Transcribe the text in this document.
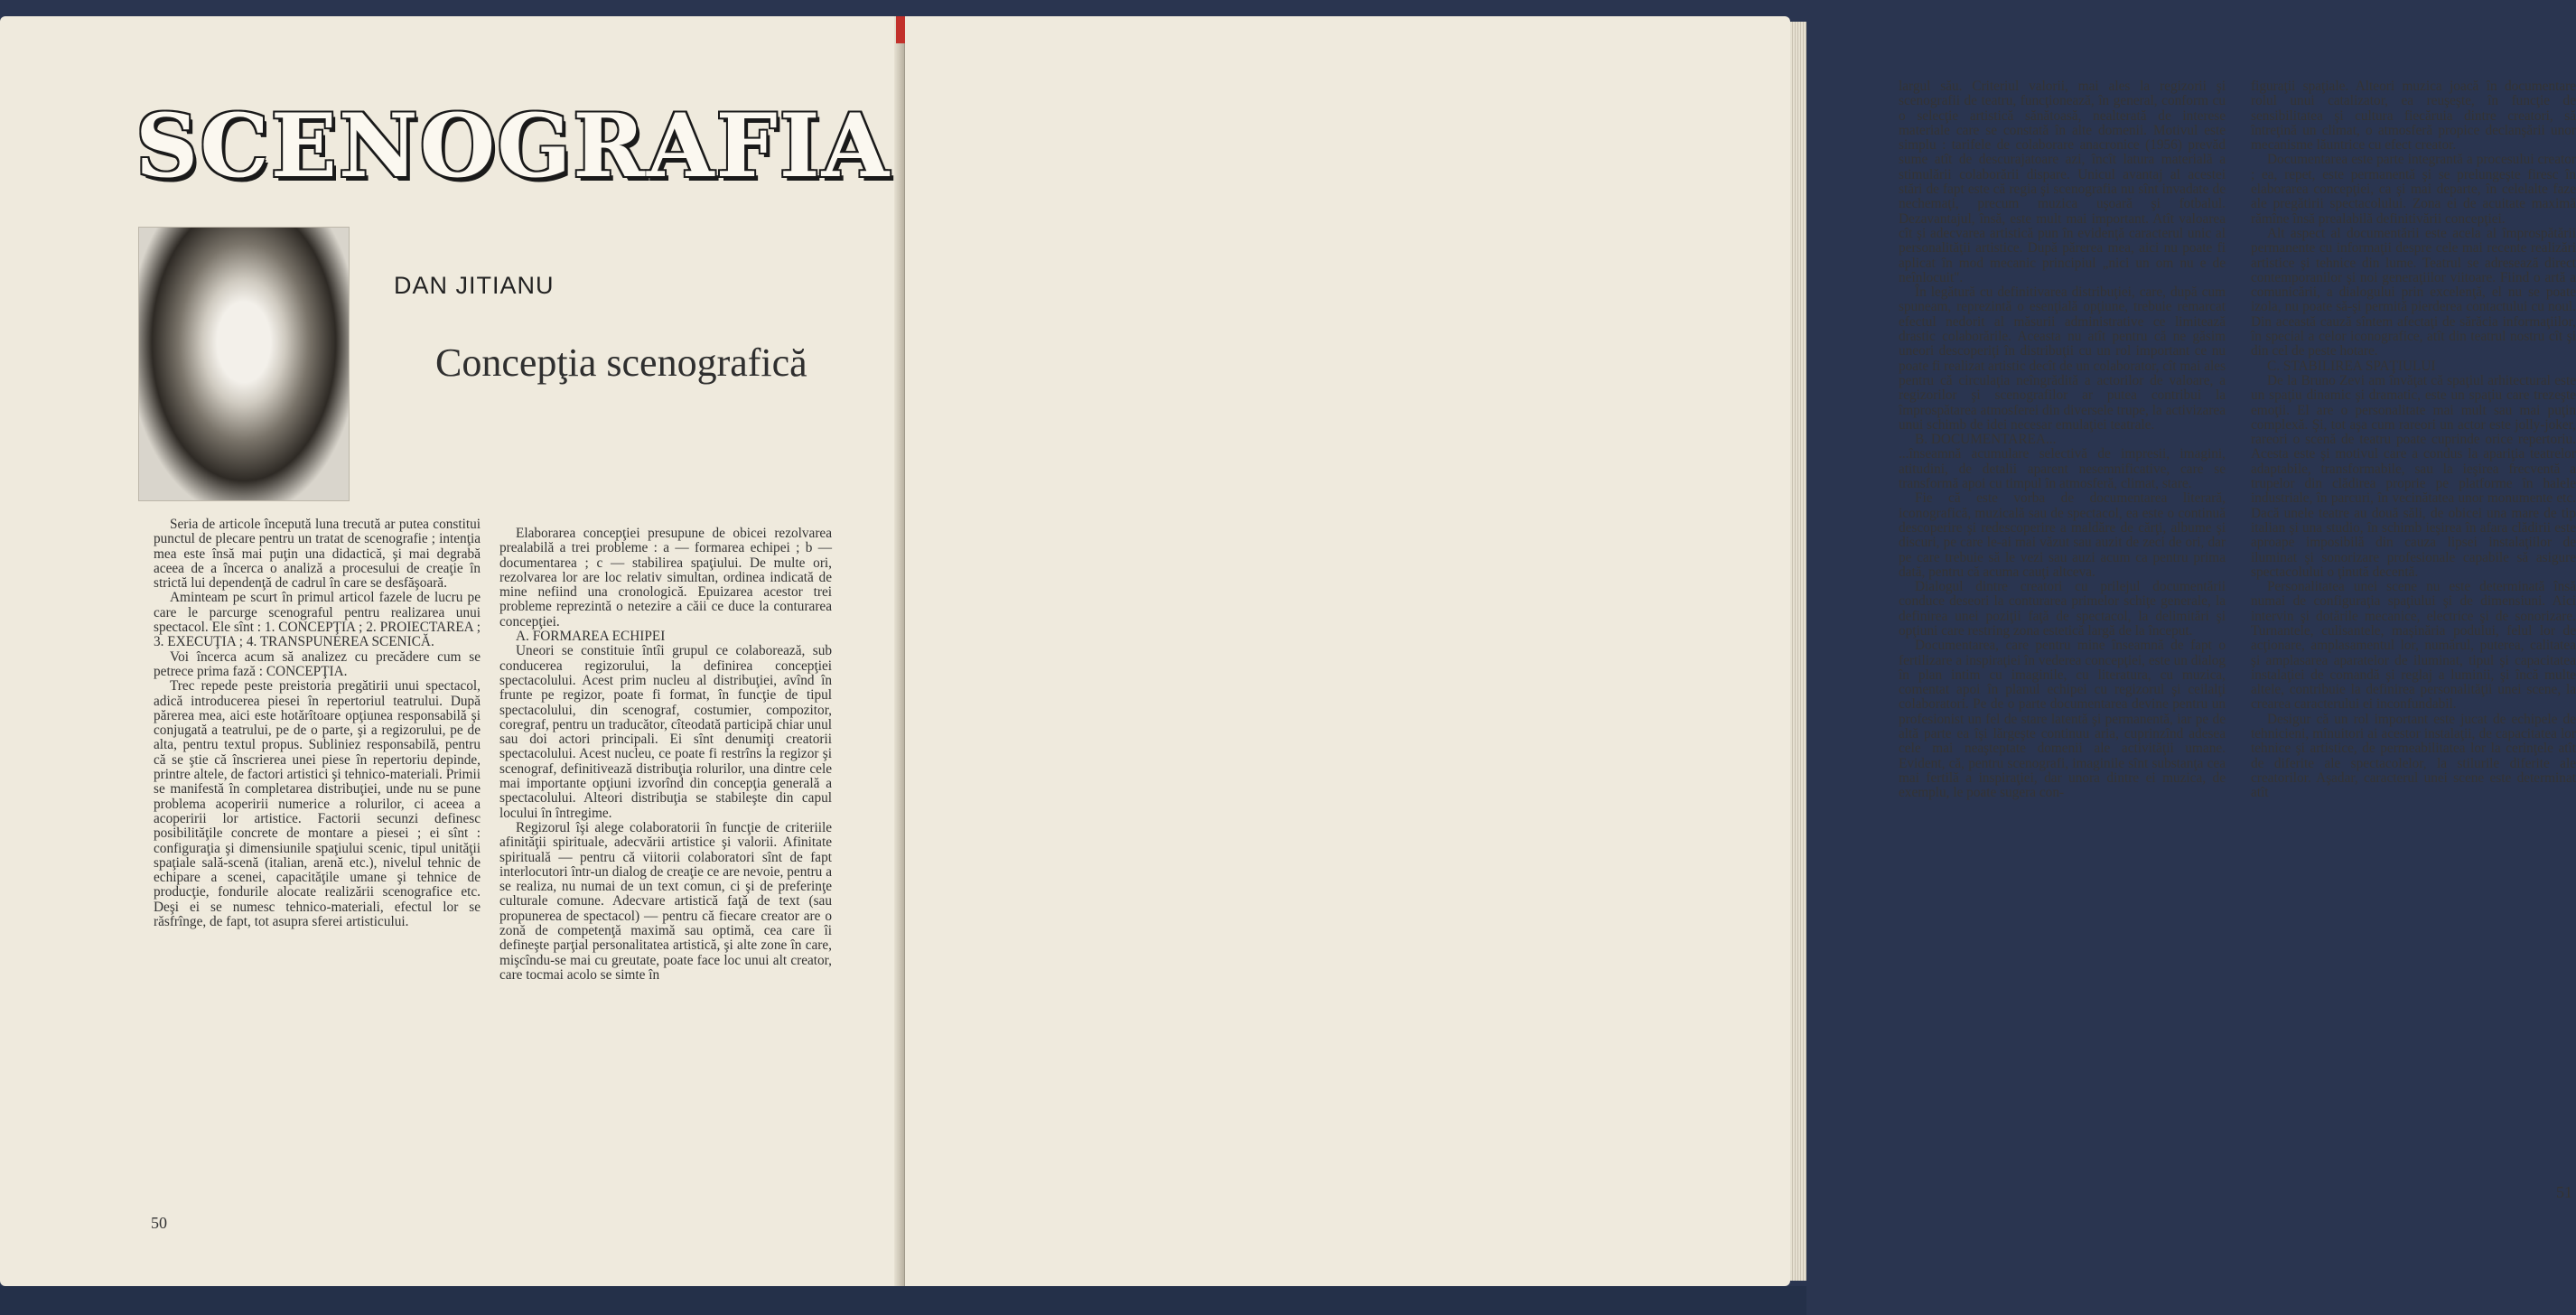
SCENOGRAFIA
DAN JITIANU
Concepţia scenografică

Seria de articole începută luna trecută ar putea constitui punctul de plecare pentru un tratat de scenografie ; intenţia mea este însă mai puţin una didactică, şi mai degrabă aceea de a încerca o analiză a procesului de creaţie în strictă lui dependenţă de cadrul în care se desfăşoară.

Aminteam pe scurt în primul articol fazele de lucru pe care le parcurge scenograful pentru realizarea unui spectacol. Ele sînt : 1. CONCEPŢIA ; 2. PROIECTAREA ; 3. EXECUŢIA ; 4. TRANSPUNEREA SCENICĂ.

Voi încerca acum să analizez cu precădere cum se petrece prima fază : CONCEPŢIA.

Trec repede peste preistoria pregătirii unui spectacol, adică introducerea piesei în repertoriul teatrului. După părerea mea, aici este hotărîtoare opţiunea responsabilă şi conjugată a teatrului, pe de o parte, şi a regizorului, pe de alta, pentru textul propus. Subliniez responsabilă, pentru că se ştie că înscrierea unei piese în repertoriu depinde, printre altele, de factori artistici şi tehnico-materiali. Primii se manifestă în completarea distribuţiei, unde nu se pune problema acoperirii numerice a rolurilor, ci aceea a acoperirii lor artistice. Factorii secunzi definesc posibilităţile concrete de montare a piesei ; ei sînt : configuraţia şi dimensiunile spaţiului scenic, tipul unităţii spaţiale sală-scenă (italian, arenă etc.), nivelul tehnic de echipare a scenei, capacităţile umane şi tehnice de producţie, fondurile alocate realizării scenografice etc. Deşi ei se numesc tehnico-materiali, efectul lor se răsfrînge, de fapt, tot asupra sferei artisticului.

Elaborarea concepţiei presupune de obicei rezolvarea prealabilă a trei probleme : a — formarea echipei ; b — documentarea ; c — stabilirea spaţiului. De multe ori, rezolvarea lor are loc relativ simultan, ordinea indicată de mine nefiind una cronologică. Epuizarea acestor trei probleme reprezintă o netezire a căii ce duce la conturarea concepţiei.

A. FORMAREA ECHIPEI

Uneori se constituie întîi grupul ce colaborează, sub conducerea regizorului, la definirea concepţiei spectacolului. Acest prim nucleu al distribuţiei, avînd în frunte pe regizor, poate fi format, în funcţie de tipul spectacolului, din scenograf, costumier, compozitor, coregraf, pentru un traducător, cîteodată participă chiar unul sau doi actori principali. Ei sînt denumiţi creatorii spectacolului. Acest nucleu, ce poate fi restrîns la regizor şi scenograf, definitivează distribuţia rolurilor, una dintre cele mai importante opţiuni izvorînd din concepţia generală a spectacolului. Alteori distribuţia se stabileşte din capul locului în întregime.

Regizorul îşi alege colaboratorii în funcţie de criteriile afinităţii spirituale, adecvării artistice şi valorii. Afinitate spirituală — pentru că viitorii colaboratori sînt de fapt interlocutori într-un dialog de creaţie ce are nevoie, pentru a se realiza, nu numai de un text comun, ci şi de preferinţe culturale comune. Adecvare artistică faţă de text (sau propunerea de spectacol) — pentru că fiecare creator are o zonă de competenţă maximă sau optimă, cea care îi defineşte parţial personalitatea artistică, şi alte zone în care, mişcîndu-se mai cu greutate, poate face loc unui alt creator, care tocmai acolo se simte în

50

largul său. Criteriul valorii, mai ales la regizorii şi scenografii de teatru, funcţionează, în general, conform cu o selecţie artistică sănătoasă, nealterată de interese materiale care se constată în alte domenii. Motivul este simplu : tarifele de colaborare anacronice (1956) prevăd sume atît de descurajatoare azi, încît latura materială a stimulării colaborării dispare. Unicul avantaj al acestei stări de fapt este că regia şi scenografia nu sînt invadate de nechemaţi, precum muzica uşoară şi fotbalul. Dezavantajul, însă, este mult mai important. Atît valoarea cît şi adecvarea artistică pun în evidenţă caracterul unic al personalităţii artistice. După părerea mea, aici nu poate fi aplicat în mod mecanic principiul „nici un om nu e de neînlocuit".

În legătură cu definitivarea distribuţiei, care, după cum spuneam, reprezintă o esenţială opţiune, trebuie remarcat efectul nedorit al măsurii administrative ce limitează drastic colaborările. Aceasta nu atît pentru că ne găsim uneori descoperiţi în distribuţii cu un rol important ce nu poate fi realizat artistic decît de un colaborator, cît mai ales pentru că circulaţia neîngrădită a actorilor de valoare, a regizorilor şi scenografilor ar putea contribui la împrospătarea atmosferei din diversele trupe, la activizarea unui schimb de idei necesar emulaţiei teatrale.

B. DOCUMENTAREA...

...înseamnă acumulare selectivă de impresii, imagini, atitudini, de detalii aparent nesemnificative, care se transformă apoi cu timpul în atmosferă, climat, stare.

Fie că este vorba de documentarea literară, iconografică, muzicală sau de spectacol, ea este o continuă descoperire şi redescoperire a maldăre de cărţi, albume şi discuri, pe care le-ai mai văzut sau auzit de zeci de ori, dar pe care trebuie să le vezi sau auzi acum ca pentru prima dată, pentru că acuma cauţi altceva.

Dialogul dintre creatori cu prilejul documentării conduce deseori la conturarea primelor schiţe generale, la definirea unei poziţii faţă de spectacol, la delimitări şi opţiuni care restring zona estetică largă de la început.

Documentarea, care pentru mine înseamnă de fapt o fertilizare a inspiraţiei în vederea concepţiei, este un dialog în plan intim cu imaginile, cu literatura, cu muzica, comentat apoi în planul echipei cu regizorul şi ceilalţi colaboratori. Pe de o parte documentarea devine pentru un profesionist un fel de stare latentă şi permanentă, iar pe de altă parte ea îşi lărgeşte continuu aria, cuprinzînd adesea cele mai neaşteptate domenii ale activităţii umane. Evident, că, pentru scenografi, imaginile sînt substanţa cea mai fertilă a inspiraţiei, dar unora dintre ei muzica, de exemplu, le poate sugera con-

figuraţii spaţiale. Alteori muzica joacă în documentare rolul unui catalizator, ea reuşeşte, în funcţie de sensibilitatea şi cultura fiecăruia dintre creatori, să întreţină un climat, o atmosferă propice declanşării unor mecanisme lăuntrice cu efect creator.

Documentarea este parte integrantă a procesului creator ; ea, repet, este permanentă şi se prelungeşte firesc în elaborarea concepţiei, ca şi mai departe, în celelalte faze ale pregătirii spectacolului. Zona ei de acuitate maximă rămîne însă prealabilă definitivării concepţiei.

Alt aspect al documentării este acela al împrospătării permanente cu informaţii despre cele mai recente realizări artistice şi tehnice din lume. Teatrul se adresează direct contemporanilor şi noi generaţiilor viitoare. Fiind o artă a comunicării, a dialogului prin excelenţă, el nu se poate izola, nu poate să-şi permită pierderea contactului cu noul. Din această cauză sîntem afectaţi de sărăcia informaţiilor, în special a celor iconografice, atît din teatrul nostru cît şi din cel de peste hotare.

C. STABILIREA SPAŢIULUI

De la Bruno Zevi am învăţat că spaţiul arhitectural este un spaţiu dinamic şi dramatic, este un spaţiu care trezeşte emoţii. El are o personalitate mai mult sau mai puţin complexă. Şi, tot aşa cum rareori un actor este jolly-joker, rareori o scenă de teatru poate cuprinde orice repertoriu. Acesta este şi motivul care a condus la apariţia teatrelor adaptabile, transformabile, sau la ieşirea frecventă a trupelor din clădirea proprie pe platforme în halele industriale, în parcuri, în vecinătatea unor monumente etc. Dacă unele teatre au două săli, de obicei una mare de tip italian şi una studio, în schimb ieşirea în afara clădirii este aproape imposibilă din cauza lipsei instalaţiilor de iluminat şi sonorizare profesionale capabile să asigure spectacolului o ţinută decentă.

Personalitatea unei scene nu este determinată însă numai de configuraţia spaţiului şi de dimensiuni. Aici intervin şi dotările mecanice, electrice şi de sonorizare. Turnantele, culisantele, maşinăria podului, felul lor de acţionare, amplasamentul lor, numărul, puterea, calitatea şi amplasarea aparatelor de iluminat, tipul şi capacitatea instalaţiei de comandă şi reglaj a luminii, şi încă multe altele, contribuie la definirea personalităţii unei scene, la crearea caracterului ei inconfundabil.

Desigur că un rol important este jucat de echipele de tehnicieni, mînuitori ai acestor instalaţii, de capacitatea lor tehnice şi artistice, de permeabilitatea lor la cerinţele atît de diferite ale spectacolelor, la stilurile diferite ale creatorilor. Aşadar, caracterul unei scene este determinat atît

51
